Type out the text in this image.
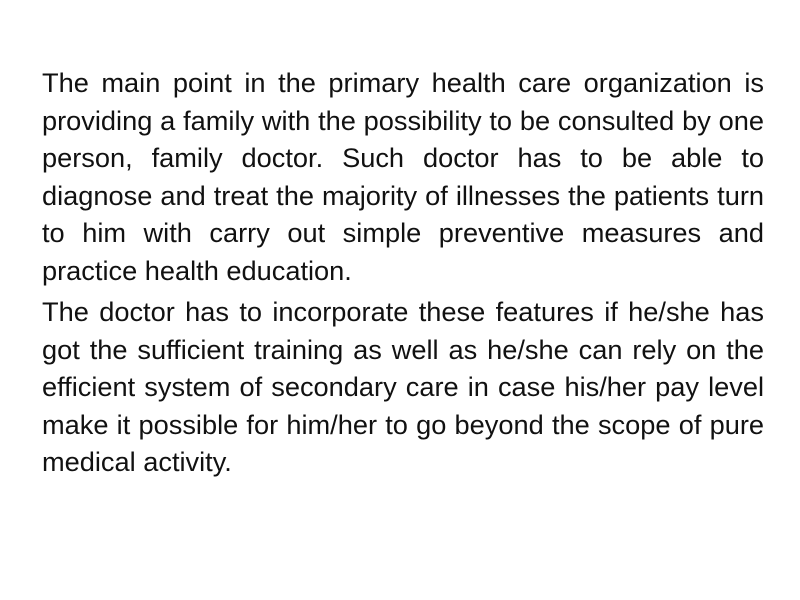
The main point in the primary health care organization is providing a family with the possibility to be consulted by one person, family doctor. Such doctor has to be able to diagnose and treat the majority of illnesses the patients turn to him with carry out simple preventive measures and practice health education.

The doctor has to incorporate these features if he/she has got the sufficient training as well as he/she can rely on the efficient system of secondary care in case his/her pay level make it possible for him/her to go beyond the scope of pure medical activity.
